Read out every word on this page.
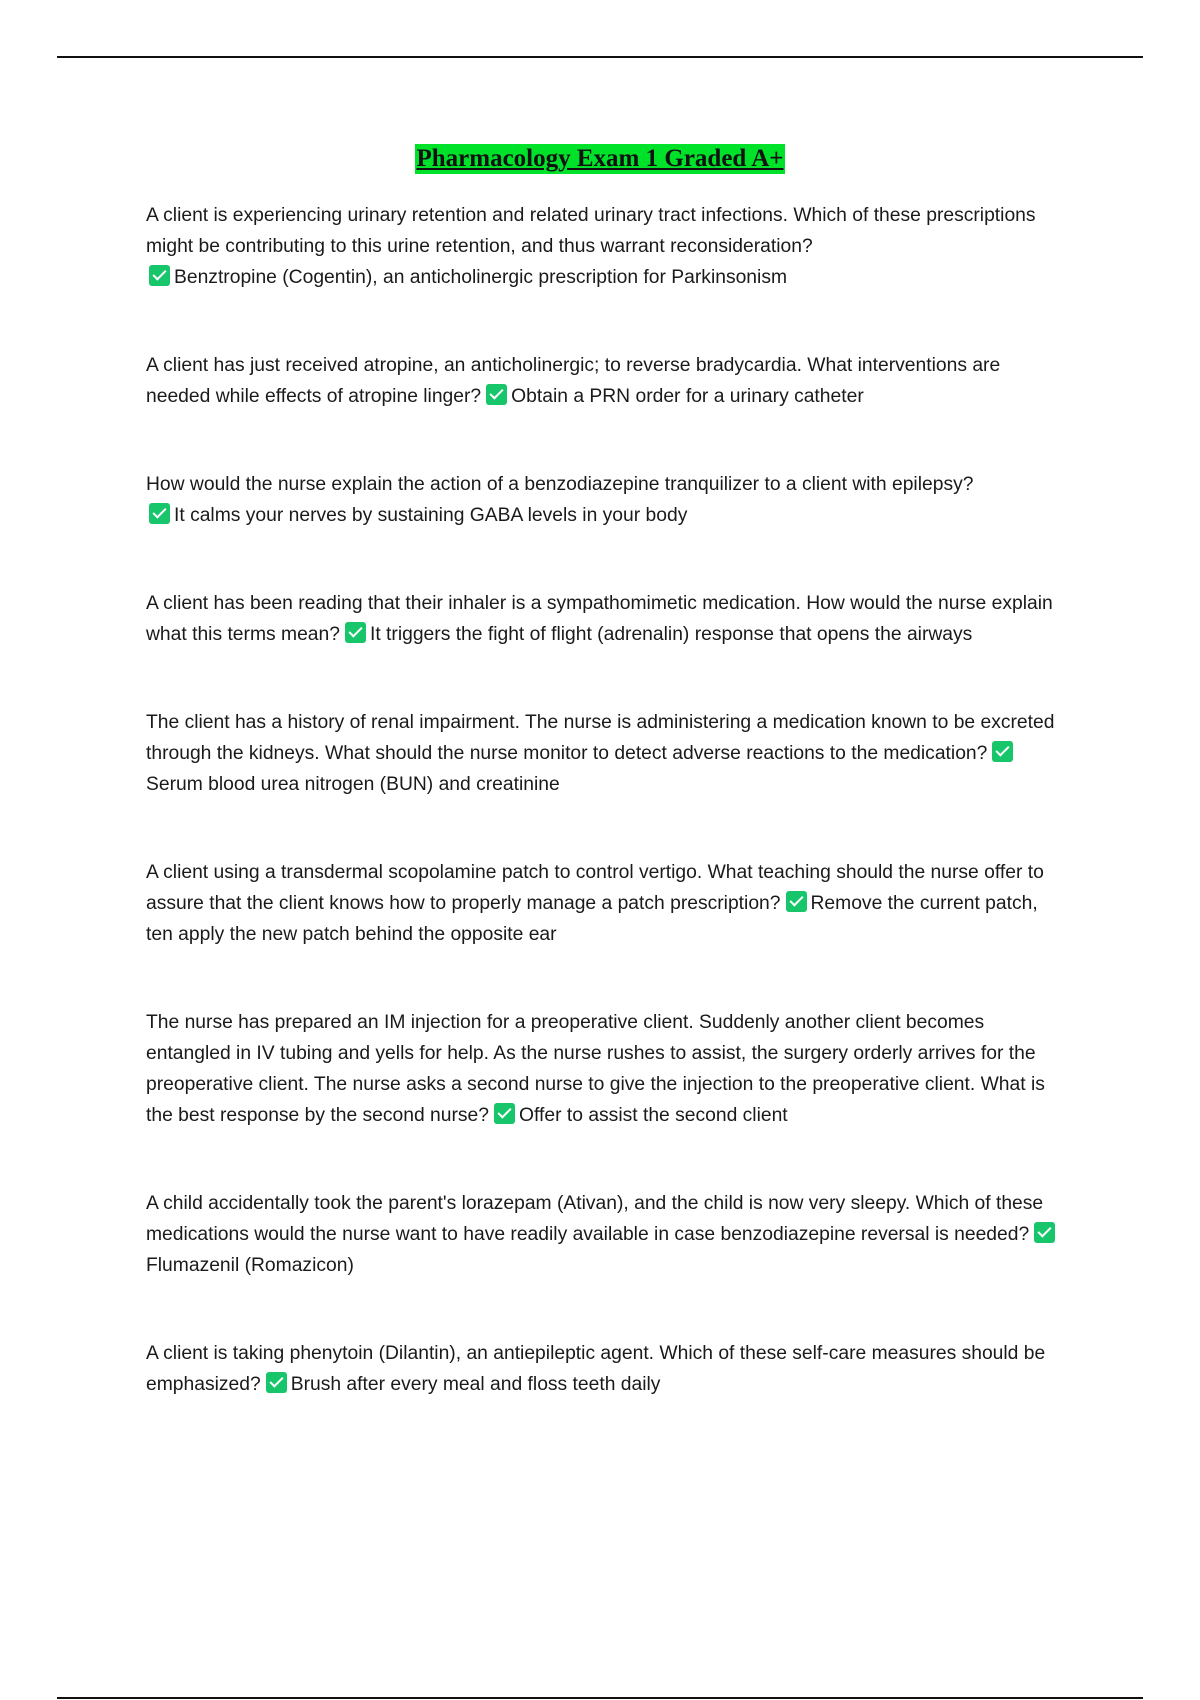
Pharmacology Exam 1 Graded A+

A client is experiencing urinary retention and related urinary tract infections. Which of these prescriptions might be contributing to this urine retention, and thus warrant reconsideration?
Benztropine (Cogentin), an anticholinergic prescription for Parkinsonism

A client has just received atropine, an anticholinergic; to reverse bradycardia. What interventions are needed while effects of atropine linger? Obtain a PRN order for a urinary catheter

How would the nurse explain the action of a benzodiazepine tranquilizer to a client with epilepsy?
It calms your nerves by sustaining GABA levels in your body

A client has been reading that their inhaler is a sympathomimetic medication. How would the nurse explain what this terms mean? It triggers the fight of flight (adrenalin) response that opens the airways

The client has a history of renal impairment. The nurse is administering a medication known to be excreted through the kidneys. What should the nurse monitor to detect adverse reactions to the medication?Serum blood urea nitrogen (BUN) and creatinine

A client using a transdermal scopolamine patch to control vertigo. What teaching should the nurse offer to assure that the client knows how to properly manage a patch prescription? Remove the current patch, ten apply the new patch behind the opposite ear

The nurse has prepared an IM injection for a preoperative client. Suddenly another client becomes entangled in IV tubing and yells for help. As the nurse rushes to assist, the surgery orderly arrives for the preoperative client. The nurse asks a second nurse to give the injection to the preoperative client. What is the best response by the second nurse? Offer to assist the second client

A child accidentally took the parent's lorazepam (Ativan), and the child is now very sleepy. Which of these medications would the nurse want to have readily available in case benzodiazepine reversal is needed?Flumazenil (Romazicon)

A client is taking phenytoin (Dilantin), an antiepileptic agent. Which of these self-care measures should be emphasized? Brush after every meal and floss teeth daily
